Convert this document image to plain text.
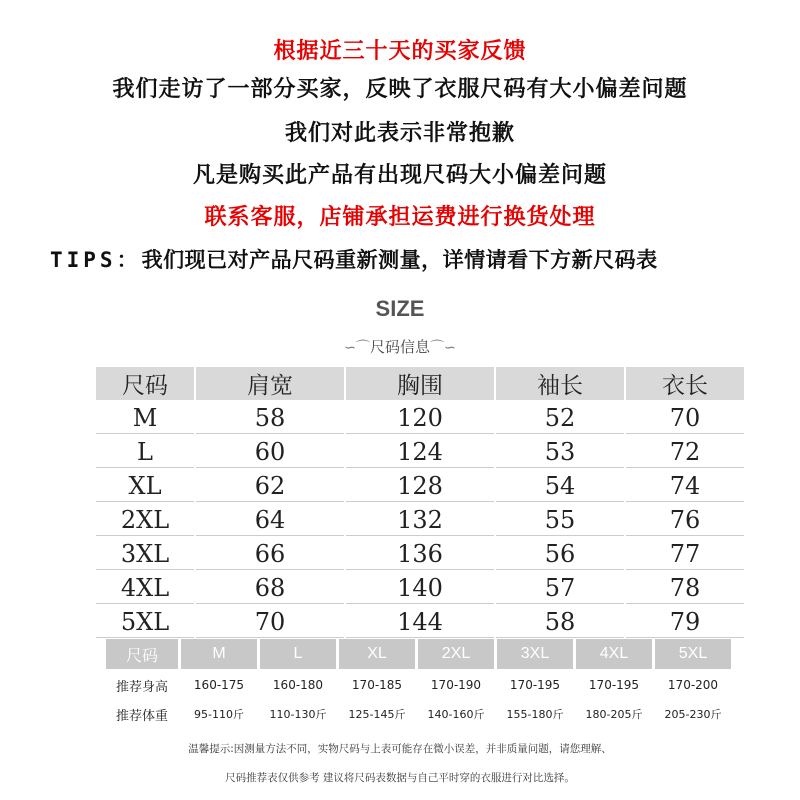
根据近三十天的买家反馈
我们走访了一部分买家，反映了衣服尺码有大小偏差问题
我们对此表示非常抱歉
凡是购买此产品有出现尺码大小偏差问题
联系客服，店铺承担运费进行换货处理
TIPS：我们现已对产品尺码重新测量，详情请看下方新尺码表
SIZE
∽⌒尺码信息⌒∽
尺码	肩宽	胸围	袖长	衣长
M	58	120	52	70
L	60	124	53	72
XL	62	128	54	74
2XL	64	132	55	76
3XL	66	136	56	77
4XL	68	140	57	78
5XL	70	144	58	79
尺码	M	L	XL	2XL	3XL	4XL	5XL
推荐身高	160-175	160-180	170-185	170-190	170-195	170-195	170-200
推荐体重	95-110斤	110-130斤	125-145斤	140-160斤	155-180斤	180-205斤	205-230斤
温馨提示:因测量方法不同，实物尺码与上表可能存在微小误差，并非质量问题，请您理解、
尺码推荐表仅供参考 建议将尺码表数据与自己平时穿的衣服进行对比选择。
